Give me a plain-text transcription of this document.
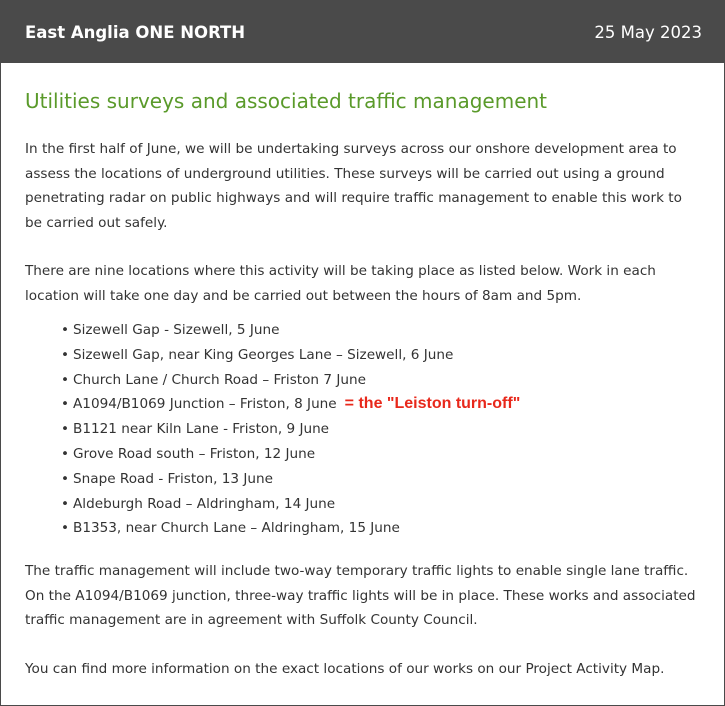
East Anglia ONE NORTH	25 May 2023
Utilities surveys and associated traffic management

In the first half of June, we will be undertaking surveys across our onshore development area to assess the locations of underground utilities. These surveys will be carried out using a ground penetrating radar on public highways and will require traffic management to enable this work to be carried out safely.

There are nine locations where this activity will be taking place as listed below. Work in each location will take one day and be carried out between the hours of 8am and 5pm.

• Sizewell Gap - Sizewell, 5 June
• Sizewell Gap, near King Georges Lane – Sizewell, 6 June
• Church Lane / Church Road – Friston 7 June
• A1094/B1069 Junction – Friston, 8 June = the "Leiston turn-off"
• B1121 near Kiln Lane - Friston, 9 June
• Grove Road south – Friston, 12 June
• Snape Road - Friston, 13 June
• Aldeburgh Road – Aldringham, 14 June
• B1353, near Church Lane – Aldringham, 15 June

The traffic management will include two-way temporary traffic lights to enable single lane traffic. On the A1094/B1069 junction, three-way traffic lights will be in place. These works and associated traffic management are in agreement with Suffolk County Council.

You can find more information on the exact locations of our works on our Project Activity Map.
